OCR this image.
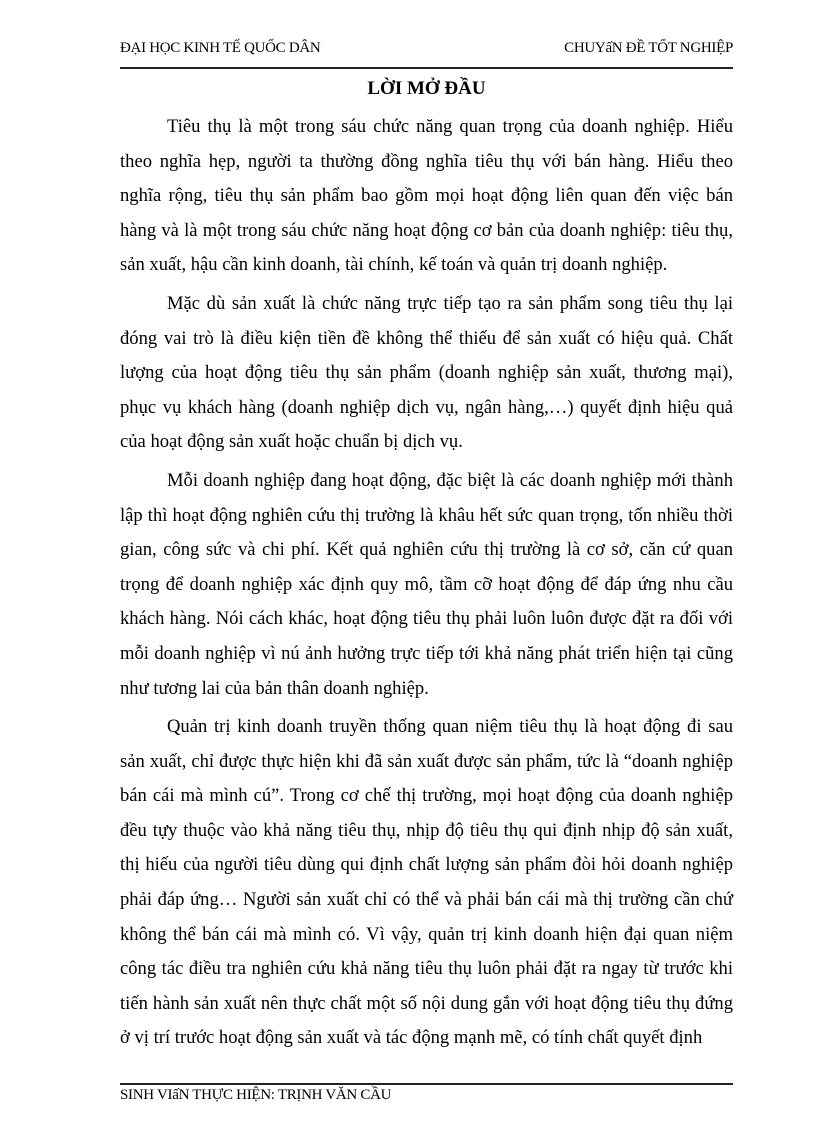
ĐẠI HỌC KINH TẾ QUỐC DÂN	CHUYấN ĐỀ TỐT NGHIỆP
LỜI MỞ ĐẦU
Tiêu thụ là một trong sáu chức năng quan trọng của doanh nghiệp. Hiểu
theo nghĩa hẹp, người ta thường đồng nghĩa tiêu thụ với bán hàng. Hiểu theo
nghĩa rộng, tiêu thụ sản phẩm bao gồm mọi hoạt động liên quan đến việc bán
hàng và là một trong sáu chức năng hoạt động cơ bản của doanh nghiệp: tiêu thụ,
sản xuất, hậu cần kinh doanh, tài chính, kế toán và quản trị doanh nghiệp.
Mặc dù sản xuất là chức năng trực tiếp tạo ra sản phẩm song tiêu thụ lại
đóng vai trò là điều kiện tiền đề không thể thiếu để sản xuất có hiệu quả. Chất
lượng của hoạt động tiêu thụ sản phẩm (doanh nghiệp sản xuất, thương mại),
phục vụ khách hàng (doanh nghiệp dịch vụ, ngân hàng,…) quyết định hiệu quả
của hoạt động sản xuất hoặc chuẩn bị dịch vụ.
Mỗi doanh nghiệp đang hoạt động, đặc biệt là các doanh nghiệp mới thành
lập thì hoạt động nghiên cứu thị trường là khâu hết sức quan trọng, tốn nhiều thời
gian, công sức và chi phí. Kết quả nghiên cứu thị trường là cơ sở, căn cứ quan
trọng để doanh nghiệp xác định quy mô, tầm cỡ hoạt động để đáp ứng nhu cầu
khách hàng. Nói cách khác, hoạt động tiêu thụ phải luôn luôn được đặt ra đối với
mỗi doanh nghiệp vì nú ảnh hưởng trực tiếp tới khả năng phát triển hiện tại cũng
như tương lai của bản thân doanh nghiệp.
Quản trị kinh doanh truyền thống quan niệm tiêu thụ là hoạt động đi sau
sản xuất, chỉ được thực hiện khi đã sản xuất được sản phẩm, tức là “doanh nghiệp
bán cái mà mình cú”. Trong cơ chế thị trường, mọi hoạt động của doanh nghiệp
đều tựy thuộc vào khả năng tiêu thụ, nhịp độ tiêu thụ qui định nhịp độ sản xuất,
thị hiếu của người tiêu dùng qui định chất lượng sản phẩm đòi hỏi doanh nghiệp
phải đáp ứng… Người sản xuất chỉ có thể và phải bán cái mà thị trường cần chứ
không thể bán cái mà mình có. Vì vậy, quản trị kinh doanh hiện đại quan niệm
công tác điều tra nghiên cứu khả năng tiêu thụ luôn phải đặt ra ngay từ trước khi
tiến hành sản xuất nên thực chất một số nội dung gắn với hoạt động tiêu thụ đứng
ở vị trí trước hoạt động sản xuất và tác động mạnh mẽ, có tính chất quyết định
SINH VIấN THỰC HIỆN: TRỊNH VĂN CẦU
